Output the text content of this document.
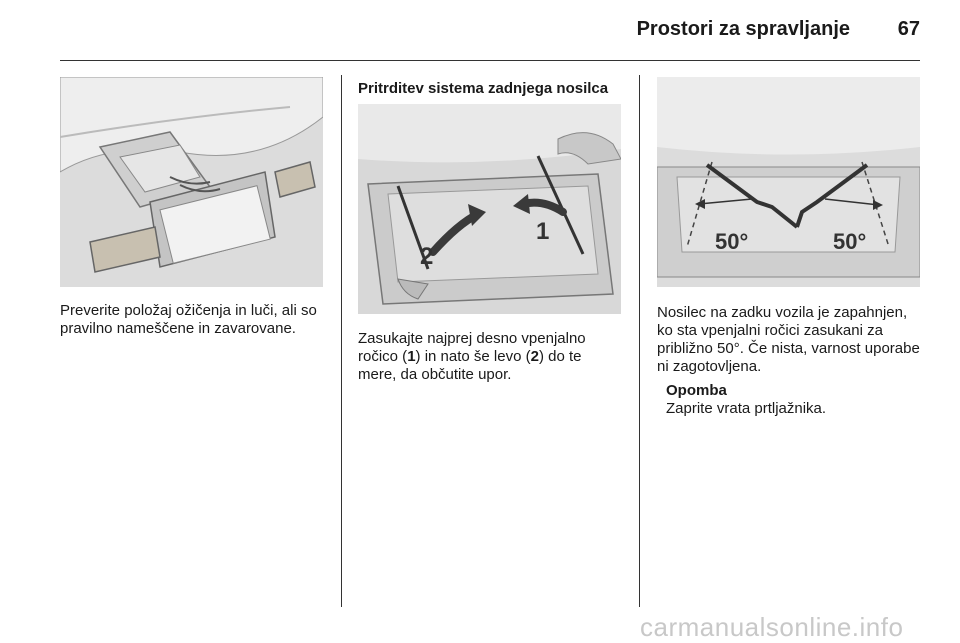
Prostori za spravljanje	67
Preverite položaj ožičenja in luči, ali so pravilno nameščene in zavarovane.
Pritrditev sistema zadnjega nosilca
1
2
Zasukajte najprej desno vpenjalno ročico (1) in nato še levo (2) do te mere, da občutite upor.
50°	50°
Nosilec na zadku vozila je zapahnjen, ko sta vpenjalni ročici zasukani za približno 50°. Če nista, varnost uporabe ni zagotovljena.
Opomba
Zaprite vrata prtljažnika.
carmanualsonline.info
